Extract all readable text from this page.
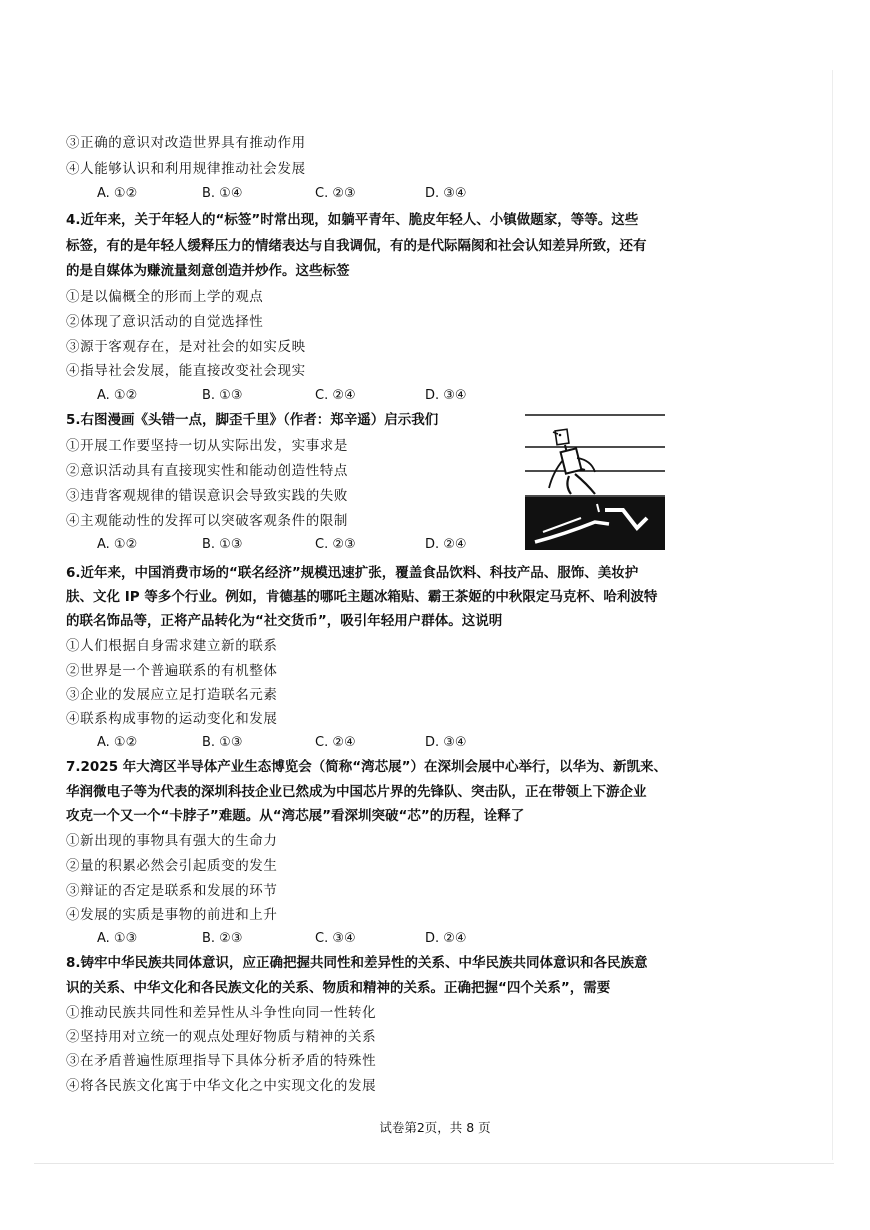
③正确的意识对改造世界具有推动作用
④人能够认识和利用规律推动社会发展
A. ①②	B. ①④	C. ②③	D. ③④
4.近年来，关于年轻人的“标签”时常出现，如躺平青年、脆皮年轻人、小镇做题家，等等。这些
标签，有的是年轻人缓释压力的情绪表达与自我调侃，有的是代际隔阂和社会认知差异所致，还有
的是自媒体为赚流量刻意创造并炒作。这些标签
①是以偏概全的形而上学的观点
②体现了意识活动的自觉选择性
③源于客观存在，是对社会的如实反映
④指导社会发展，能直接改变社会现实
A. ①②	B. ①③	C. ②④	D. ③④
5.右图漫画《头错一点，脚歪千里》（作者：郑辛遥）启示我们
①开展工作要坚持一切从实际出发，实事求是
②意识活动具有直接现实性和能动创造性特点
③违背客观规律的错误意识会导致实践的失败
④主观能动性的发挥可以突破客观条件的限制
A. ①②	B. ①③	C. ②③	D. ②④
6.近年来，中国消费市场的“联名经济”规模迅速扩张，覆盖食品饮料、科技产品、服饰、美妆护
肤、文化 IP 等多个行业。例如，肯德基的哪吒主题冰箱贴、霸王茶姬的中秋限定马克杯、哈利波特
的联名饰品等，正将产品转化为“社交货币”，吸引年轻用户群体。这说明
①人们根据自身需求建立新的联系
②世界是一个普遍联系的有机整体
③企业的发展应立足打造联名元素
④联系构成事物的运动变化和发展
A. ①②	B. ①③	C. ②④	D. ③④
7.2025 年大湾区半导体产业生态博览会（简称“湾芯展”）在深圳会展中心举行，以华为、新凯来、
华润微电子等为代表的深圳科技企业已然成为中国芯片界的先锋队、突击队，正在带领上下游企业
攻克一个又一个“卡脖子”难题。从“湾芯展”看深圳突破“芯”的历程，诠释了
①新出现的事物具有强大的生命力
②量的积累必然会引起质变的发生
③辩证的否定是联系和发展的环节
④发展的实质是事物的前进和上升
A. ①③	B. ②③	C. ③④	D. ②④
8.铸牢中华民族共同体意识，应正确把握共同性和差异性的关系、中华民族共同体意识和各民族意
识的关系、中华文化和各民族文化的关系、物质和精神的关系。正确把握“四个关系”，需要
①推动民族共同性和差异性从斗争性向同一性转化
②坚持用对立统一的观点处理好物质与精神的关系
③在矛盾普遍性原理指导下具体分析矛盾的特殊性
④将各民族文化寓于中华文化之中实现文化的发展
试卷第2页，共 8 页
